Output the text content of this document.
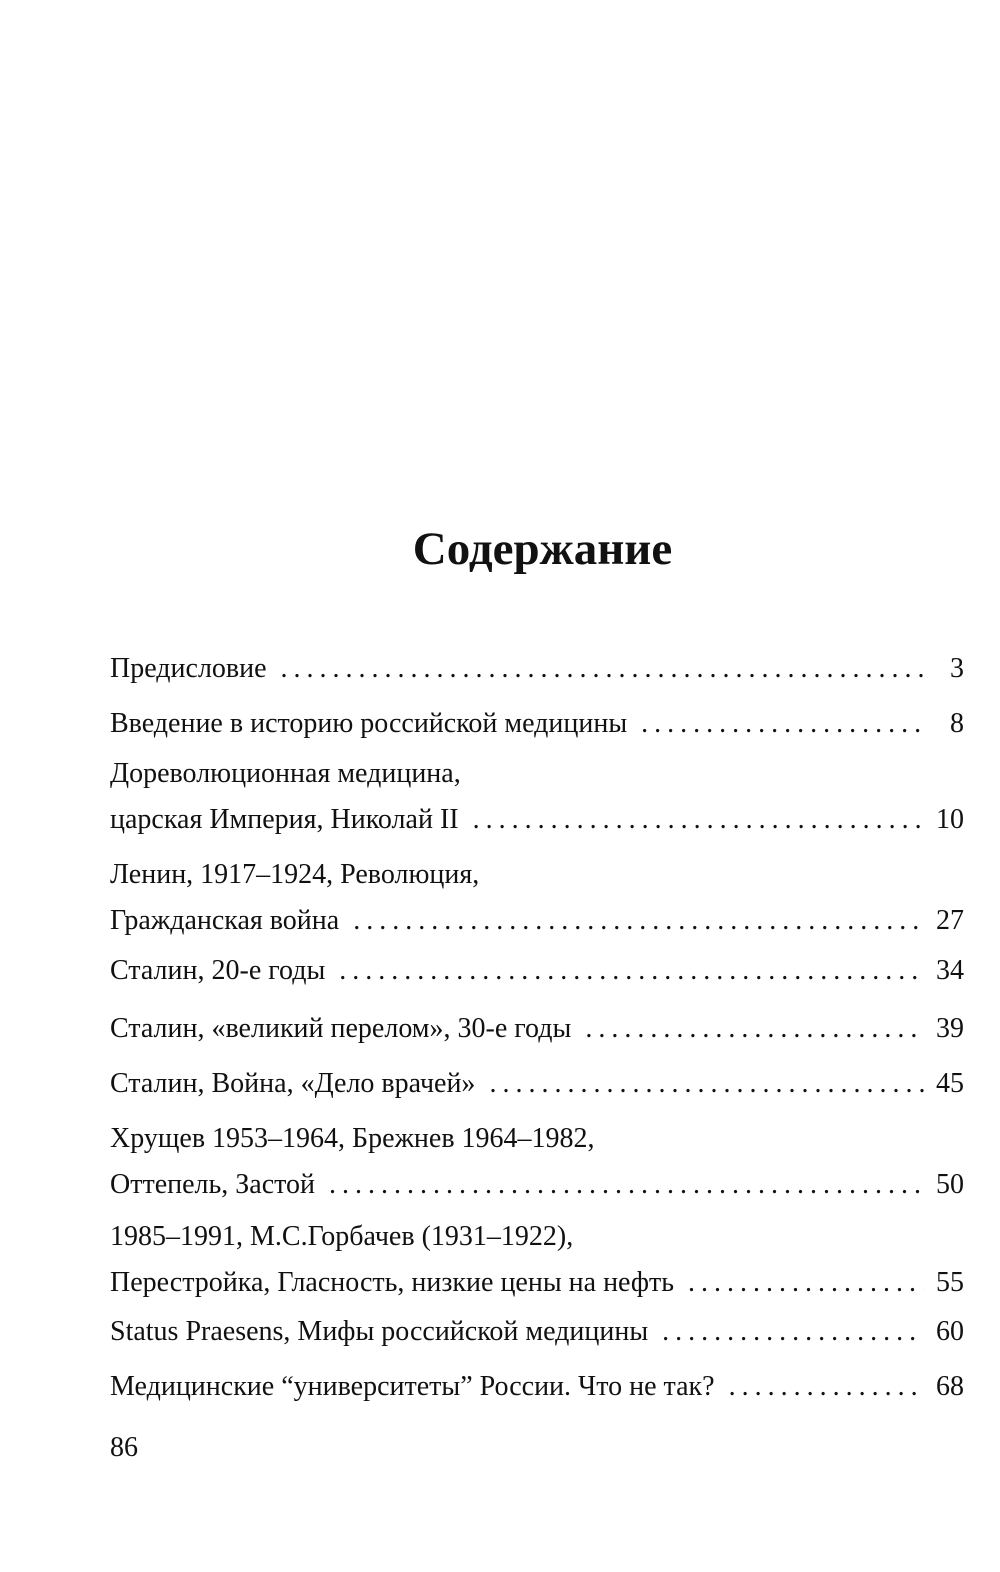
Содержание
Предисловие . . .	3
Введение в историю российской медицины . . .	8
Дореволюционная медицина,
царская Империя, Николай II . . .	10
Ленин, 1917–1924, Революция,
Гражданская война . . .	27
Сталин, 20-е годы . . .	34
Сталин, «великий перелом», 30-е годы . . .	39
Сталин, Война, «Дело врачей» . . .	45
Хрущев 1953–1964, Брежнев 1964–1982,
Оттепель, Застой . . .	50
1985–1991, М.С.Горбачев (1931–1922),
Перестройка, Гласность, низкие цены на нефть . . .	55
Status Praesens, Мифы российской медицины . . .	60
Медицинские “университеты” России. Что не так? . . .	68
86
